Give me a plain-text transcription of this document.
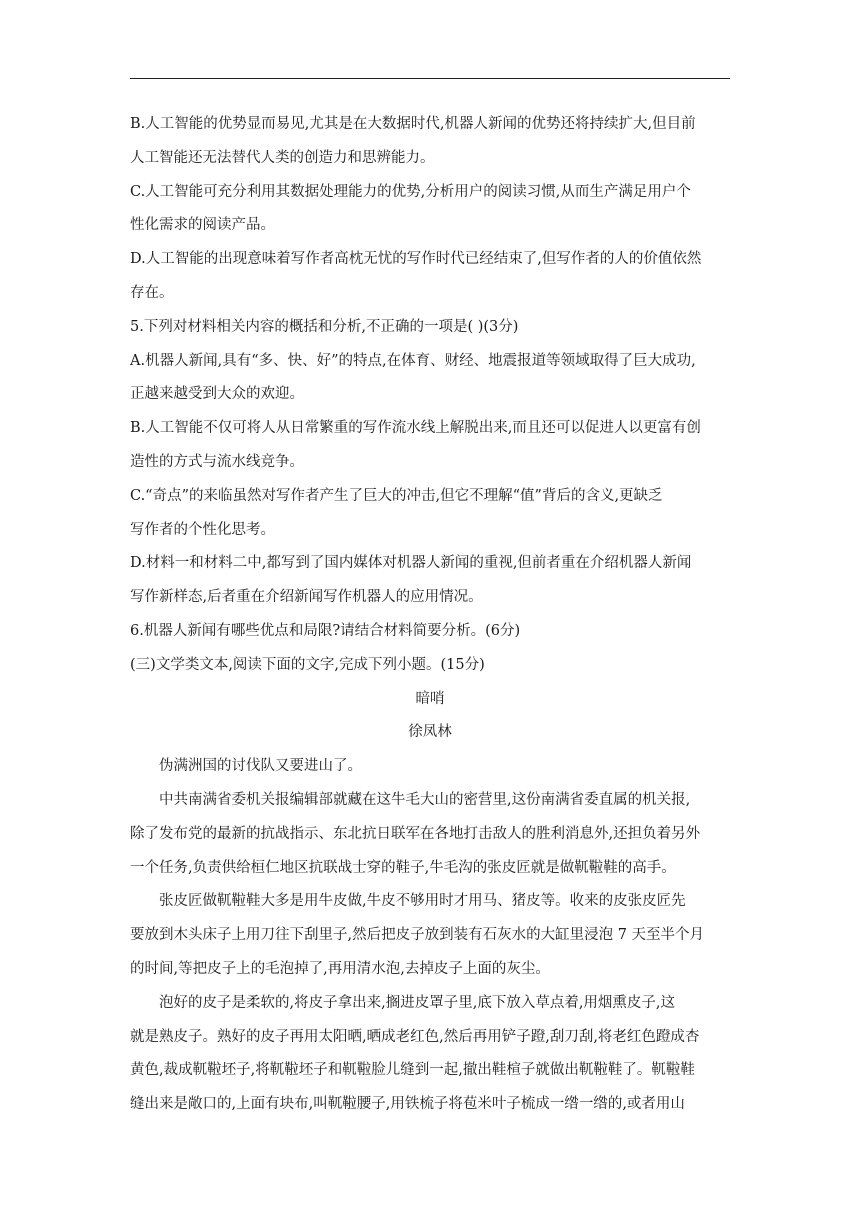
B.人工智能的优势显而易见,尤其是在大数据时代,机器人新闻的优势还将持续扩大,但目前
人工智能还无法替代人类的创造力和思辨能力。
C.人工智能可充分利用其数据处理能力的优势,分析用户的阅读习惯,从而生产满足用户个
性化需求的阅读产品。
D.人工智能的出现意味着写作者高枕无忧的写作时代已经结束了,但写作者的人的价值依然
存在。
5.下列对材料相关内容的概括和分析,不正确的一项是( )(3分)
A.机器人新闻,具有“多、快、好”的特点,在体育、财经、地震报道等领域取得了巨大成功,
正越来越受到大众的欢迎。
B.人工智能不仅可将人从日常繁重的写作流水线上解脱出来,而且还可以促进人以更富有创
造性的方式与流水线竞争。
C.“奇点”的来临虽然对写作者产生了巨大的冲击,但它不理解“值”背后的含义,更缺乏
写作者的个性化思考。
D.材料一和材料二中,都写到了国内媒体对机器人新闻的重视,但前者重在介绍机器人新闻
写作新样态,后者重在介绍新闻写作机器人的应用情况。
6.机器人新闻有哪些优点和局限?请结合材料简要分析。(6分)
(三)文学类文本,阅读下面的文字,完成下列小题。(15分)
暗哨
徐凤林
伪满洲国的讨伐队又要进山了。
中共南满省委机关报编辑部就藏在这牛毛大山的密营里,这份南满省委直属的机关报,
除了发布党的最新的抗战指示、东北抗日联军在各地打击敌人的胜利消息外,还担负着另外
一个任务,负责供给桓仁地区抗联战士穿的鞋子,牛毛沟的张皮匠就是做靰鞡鞋的高手。
张皮匠做靰鞡鞋大多是用牛皮做,牛皮不够用时才用马、猪皮等。收来的皮张皮匠先
要放到木头床子上用刀往下刮里子,然后把皮子放到装有石灰水的大缸里浸泡 7 天至半个月
的时间,等把皮子上的毛泡掉了,再用清水泡,去掉皮子上面的灰尘。
泡好的皮子是柔软的,将皮子拿出来,搁进皮罩子里,底下放入草点着,用烟熏皮子,这
就是熟皮子。熟好的皮子再用太阳晒,晒成老红色,然后再用铲子蹬,刮刀刮,将老红色蹬成杏
黄色,裁成靰鞡坯子,将靰鞡坯子和靰鞡脸儿缝到一起,撤出鞋楦子就做出靰鞡鞋了。靰鞡鞋
缝出来是敞口的,上面有块布,叫靰鞡腰子,用铁梳子将苞米叶子梳成一绺一绺的,或者用山
